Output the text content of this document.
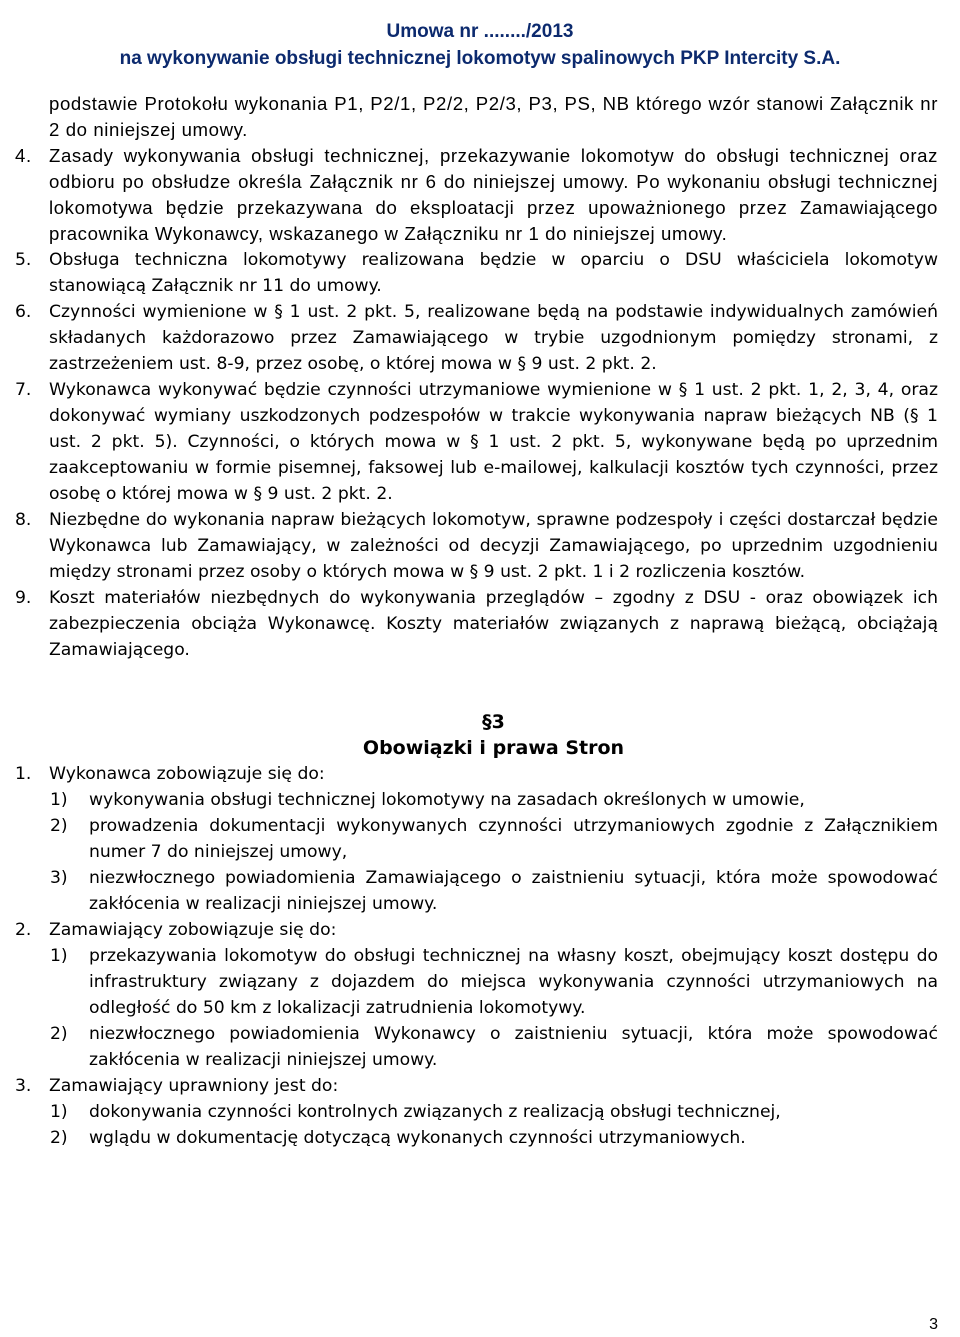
Umowa nr ......../2013
na wykonywanie obsługi technicznej lokomotyw spalinowych PKP Intercity S.A.

podstawie Protokołu wykonania P1, P2/1, P2/2, P2/3, P3, PS, NB którego wzór stanowi Załącznik nr 2 do niniejszej umowy.

4. Zasady wykonywania obsługi technicznej, przekazywanie lokomotyw do obsługi technicznej oraz odbioru po obsłudze określa Załącznik nr 6 do niniejszej umowy. Po wykonaniu obsługi technicznej lokomotywa będzie przekazywana do eksploatacji przez upoważnionego przez Zamawiającego pracownika Wykonawcy, wskazanego w Załączniku nr 1 do niniejszej umowy.
5.	Obsługa techniczna lokomotywy realizowana będzie w oparciu o DSU właściciela lokomotyw stanowiącą Załącznik nr 11 do umowy.
6.	Czynności wymienione w § 1 ust. 2 pkt. 5, realizowane będą na podstawie indywidualnych zamówień składanych każdorazowo przez Zamawiającego w trybie uzgodnionym pomiędzy stronami, z zastrzeżeniem ust. 8-9, przez osobę, o której mowa w § 9 ust. 2 pkt. 2.
7.	Wykonawca wykonywać będzie czynności utrzymaniowe wymienione w § 1 ust. 2 pkt. 1, 2, 3, 4, oraz dokonywać wymiany uszkodzonych podzespołów w trakcie wykonywania napraw bieżących NB (§ 1 ust. 2 pkt. 5). Czynności, o których mowa w § 1 ust. 2 pkt. 5, wykonywane będą po uprzednim zaakceptowaniu w formie pisemnej, faksowej lub e-mailowej, kalkulacji kosztów tych czynności, przez osobę o której mowa w § 9 ust. 2 pkt. 2.
8.	Niezbędne do wykonania napraw bieżących lokomotyw, sprawne podzespoły i części dostarczał będzie Wykonawca lub Zamawiający, w zależności od decyzji Zamawiającego, po uprzednim uzgodnieniu między stronami przez osoby o których mowa w § 9 ust. 2 pkt. 1 i 2 rozliczenia kosztów.
9.	Koszt materiałów niezbędnych do wykonywania przeglądów – zgodny z DSU - oraz obowiązek ich zabezpieczenia obciąża Wykonawcę. Koszty materiałów związanych z naprawą bieżącą, obciążają Zamawiającego.
§3
Obowiązki i prawa Stron
1.	Wykonawca zobowiązuje się do:
1) wykonywania obsługi technicznej lokomotywy na zasadach określonych w umowie,
2) prowadzenia dokumentacji wykonywanych czynności utrzymaniowych zgodnie z Załącznikiem numer 7 do niniejszej umowy,
3) niezwłocznego powiadomienia Zamawiającego o zaistnieniu sytuacji, która może spowodować zakłócenia w realizacji niniejszej umowy.
2.	Zamawiający zobowiązuje się do:
1) przekazywania lokomotyw do obsługi technicznej na własny koszt, obejmujący koszt dostępu do infrastruktury związany z dojazdem do miejsca wykonywania czynności utrzymaniowych na odległość do 50 km z lokalizacji zatrudnienia lokomotywy.
2) niezwłocznego powiadomienia Wykonawcy o zaistnieniu sytuacji, która może spowodować zakłócenia w realizacji niniejszej umowy.
3.	Zamawiający uprawniony jest do:
1) dokonywania czynności kontrolnych związanych z realizacją obsługi technicznej,
2) wglądu w dokumentację dotyczącą wykonanych czynności utrzymaniowych.
3
